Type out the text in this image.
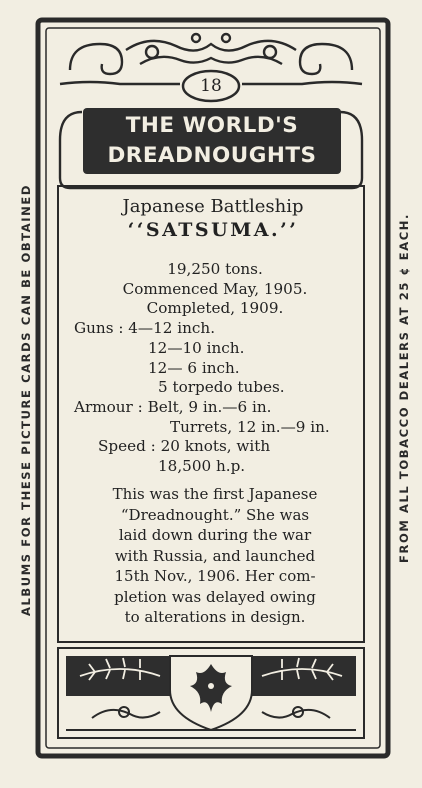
ALBUMS FOR THESE PICTURE CARDS CAN BE OBTAINED	FROM ALL TOBACCO DEALERS AT 25 ¢ EACH.
18
THE WORLD'S
DREADNOUGHTS
Japanese Battleship
‘‘SATSUMA.’’
19,250 tons.
Commenced May, 1905.
Completed, 1909.
Guns : 4—12 inch.
12—10 inch.
12— 6 inch.
5 torpedo tubes.
Armour : Belt, 9 in.—6 in.
Turrets, 12 in.—9 in.
Speed : 20 knots, with
18,500 h.p.
This was the first Japanese
“Dreadnought.” She was
laid down during the war
with Russia, and launched
15th Nov., 1906. Her com-
pletion was delayed owing
to alterations in design.
